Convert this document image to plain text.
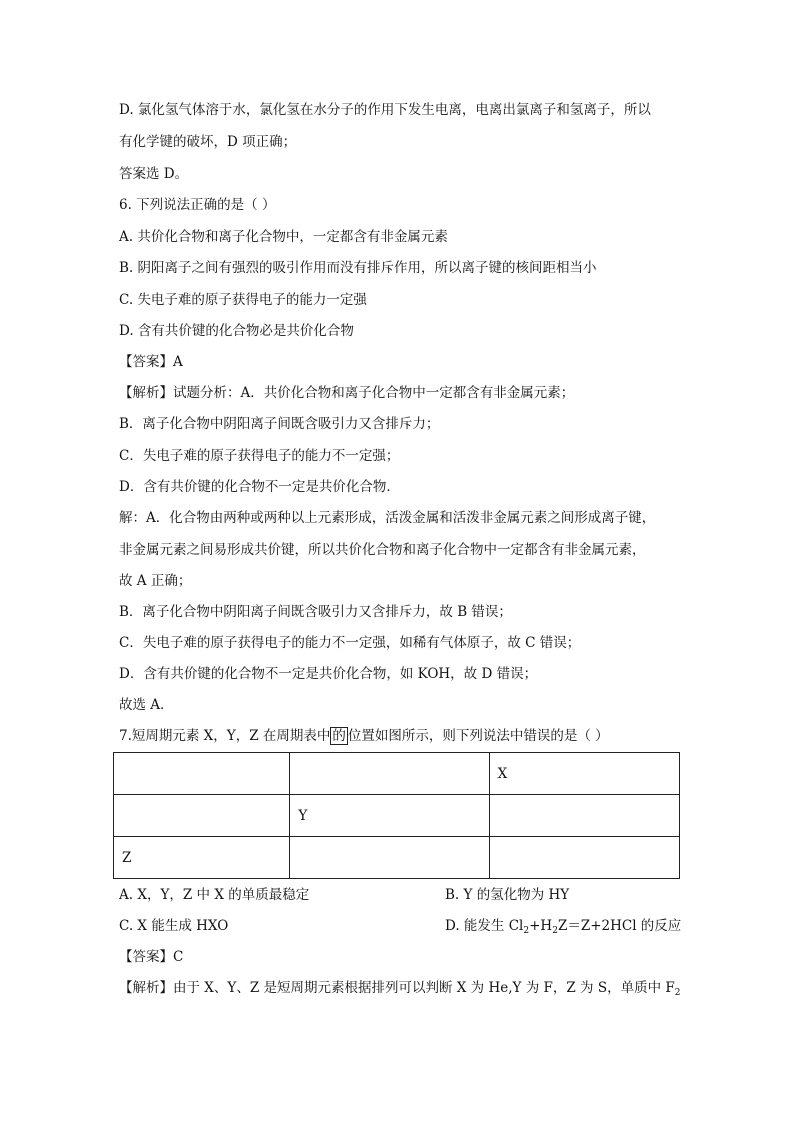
D. 氯化氢气体溶于水，氯化氢在水分子的作用下发生电离，电离出氯离子和氢离子，所以
有化学键的破坏，D 项正确；
答案选 D。
6. 下列说法正确的是（ ）
A. 共价化合物和离子化合物中，一定都含有非金属元素
B. 阴阳离子之间有强烈的吸引作用而没有排斥作用，所以离子键的核间距相当小
C. 失电子难的原子获得电子的能力一定强
D. 含有共价键的化合物必是共价化合物
【答案】A
【解析】试题分析：A．共价化合物和离子化合物中一定都含有非金属元素；
B．离子化合物中阴阳离子间既含吸引力又含排斥力；
C．失电子难的原子获得电子的能力不一定强；
D．含有共价键的化合物不一定是共价化合物．
解：A．化合物由两种或两种以上元素形成，活泼金属和活泼非金属元素之间形成离子键，
非金属元素之间易形成共价键，所以共价化合物和离子化合物中一定都含有非金属元素，
故 A 正确；
B．离子化合物中阴阳离子间既含吸引力又含排斥力，故 B 错误；
C．失电子难的原子获得电子的能力不一定强，如稀有气体原子，故 C 错误；
D．含有共价键的化合物不一定是共价化合物，如 KOH，故 D 错误；
故选 A．
7.短周期元素 X，Y，Z 在周期表中 的 位置如图所示，则下列说法中错误的是（ ）

		X

	Y	

Z		

A. X，Y，Z 中 X 的单质最稳定	B. Y 的氢化物为 HY
C. X 能生成 HXO	D. 能发生 $Cl_2+H_2Z=Z+2HCl$ 的反应
【答案】C
【解析】由于 X、Y、Z 是短周期元素根据排列可以判断 X 为 He,Y 为 F，Z 为 S，单质中 $F_2$
